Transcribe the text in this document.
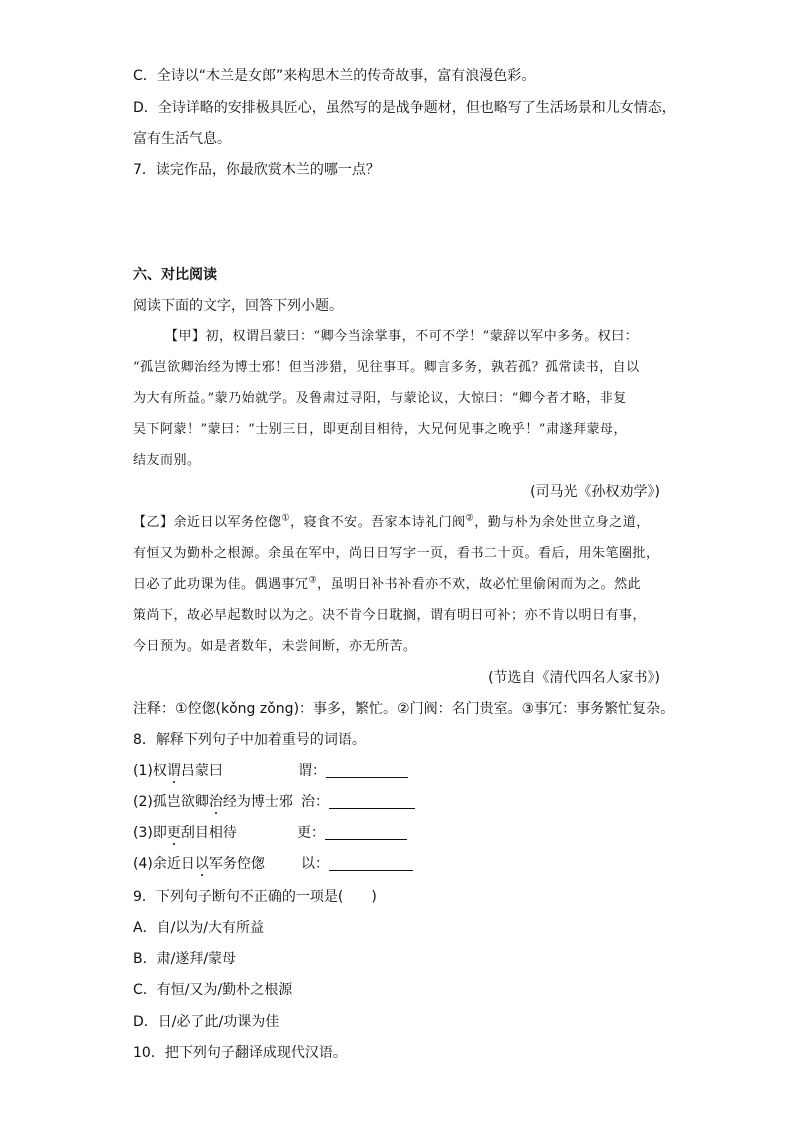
C．全诗以“木兰是女郎”来构思木兰的传奇故事，富有浪漫色彩。
D．全诗详略的安排极具匠心，虽然写的是战争题材，但也略写了生活场景和儿女情态，
富有生活气息。
7．读完作品，你最欣赏木兰的哪一点？
六、对比阅读
阅读下面的文字，回答下列小题。
【甲】初，权谓吕蒙曰：“卿今当涂掌事，不可不学！”蒙辞以军中多务。权曰：
“孤岂欲卿治经为博士邪！但当涉猎，见往事耳。卿言多务，孰若孤？孤常读书，自以
为大有所益。”蒙乃始就学。及鲁肃过寻阳，与蒙论议，大惊曰：“卿今者才略，非复
吴下阿蒙！”蒙曰：“士别三日，即更刮目相待，大兄何见事之晚乎！”肃遂拜蒙母，
结友而别。
(司马光《孙权劝学》)
【乙】余近日以军务倥偬①，寝食不安。吾家本诗礼门阀②，勤与朴为余处世立身之道，
有恒又为勤朴之根源。余虽在军中，尚日日写字一页，看书二十页。看后，用朱笔圈批，
日必了此功课为佳。偶遇事冗③，虽明日补书补看亦不欢，故必忙里偷闲而为之。然此
策尚下，故必早起数时以为之。决不肯今日耽搁，谓有明日可补；亦不肯以明日有事，
今日预为。如是者数年，未尝间断，亦无所苦。
(节选自《清代四名人家书》)
注释：①倥偬(kǒng zǒng)：事多，繁忙。②门阀：名门贵室。③事冗：事务繁忙复杂。
8．解释下列句子中加着重号的词语。
(1)权谓吕蒙曰	谓：
(2)孤岂欲卿治经为博士邪 治：
(3)即更刮目相待	更：
(4)余近日以军务倥偬	以：
9．下列句子断句不正确的一项是(　　)
A．自/以为/大有所益
B．肃/遂拜/蒙母
C．有恒/又为/勤朴之根源
D．日/必了此/功课为佳
10．把下列句子翻译成现代汉语。
